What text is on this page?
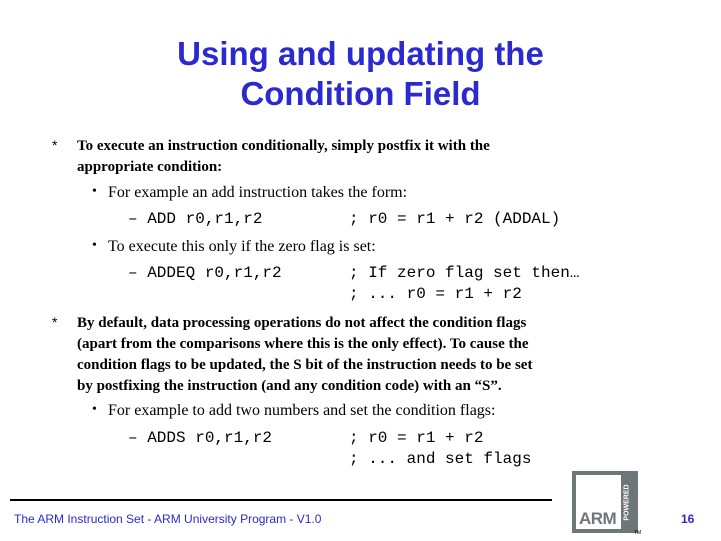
Using and updating the
Condition Field
* To execute an instruction conditionally, simply postfix it with the
appropriate condition:
• For example an add instruction takes the form:
– ADD r0,r1,r2	; r0 = r1 + r2 (ADDAL)
• To execute this only if the zero flag is set:
– ADDEQ r0,r1,r2	; If zero flag set then…
; ... r0 = r1 + r2
* By default, data processing operations do not affect the condition flags
(apart from the comparisons where this is the only effect). To cause the
condition flags to be updated, the S bit of the instruction needs to be set
by postfixing the instruction (and any condition code) with an “S”.
• For example to add two numbers and set the condition flags:
– ADDS r0,r1,r2	; r0 = r1 + r2
; ... and set flags
The ARM Instruction Set - ARM University Program - V1.0	ARM POWERED
TM
16
